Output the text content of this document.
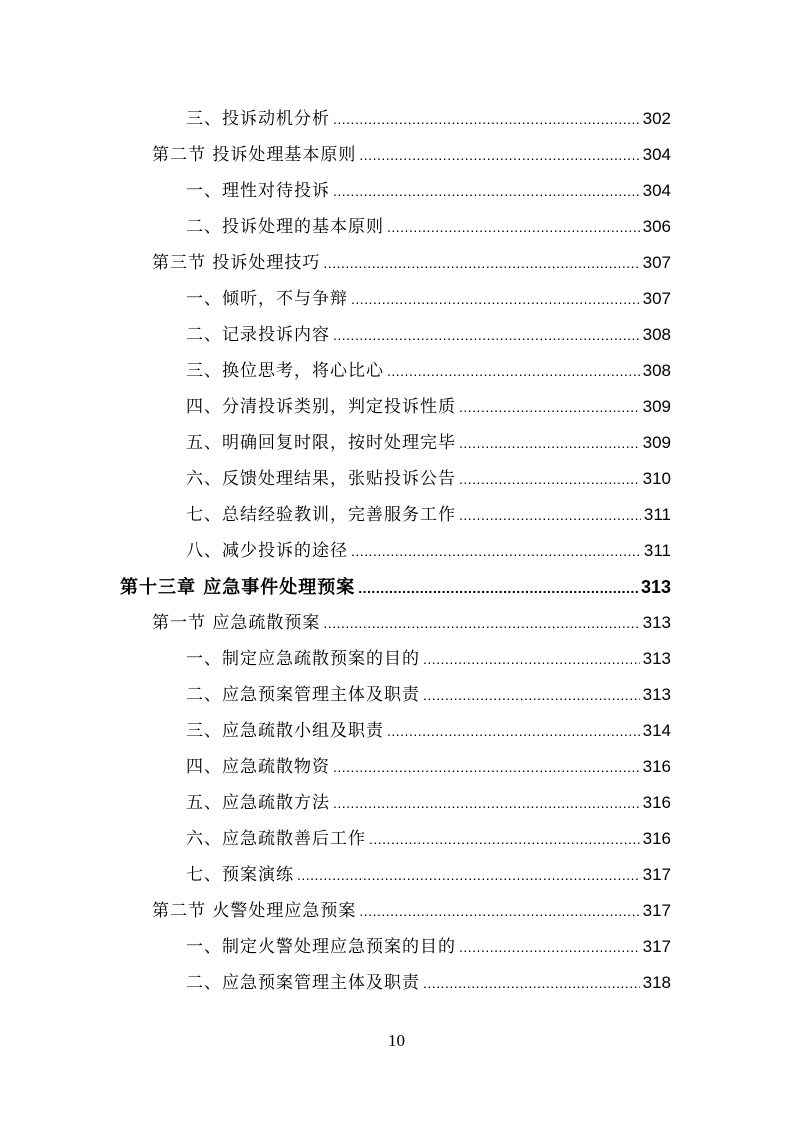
三、投诉动机分析 .....	302
第二节 投诉处理基本原则 .....	304
一、理性对待投诉 .....	304
二、投诉处理的基本原则 .....	306
第三节 投诉处理技巧 .....	307
一、倾听，不与争辩 .....	307
二、记录投诉内容 .....	308
三、换位思考，将心比心 .....	308
四、分清投诉类别，判定投诉性质 .....	309
五、明确回复时限，按时处理完毕 .....	309
六、反馈处理结果，张贴投诉公告 .....	310
七、总结经验教训，完善服务工作 .....	311
八、减少投诉的途径 .....	311
第十三章 应急事件处理预案 .....	313
第一节 应急疏散预案 .....	313
一、制定应急疏散预案的目的 .....	313
二、应急预案管理主体及职责 .....	313
三、应急疏散小组及职责 .....	314
四、应急疏散物资 .....	316
五、应急疏散方法 .....	316
六、应急疏散善后工作 .....	316
七、预案演练 .....	317
第二节 火警处理应急预案 .....	317
一、制定火警处理应急预案的目的 .....	317
二、应急预案管理主体及职责 .....	318
10
